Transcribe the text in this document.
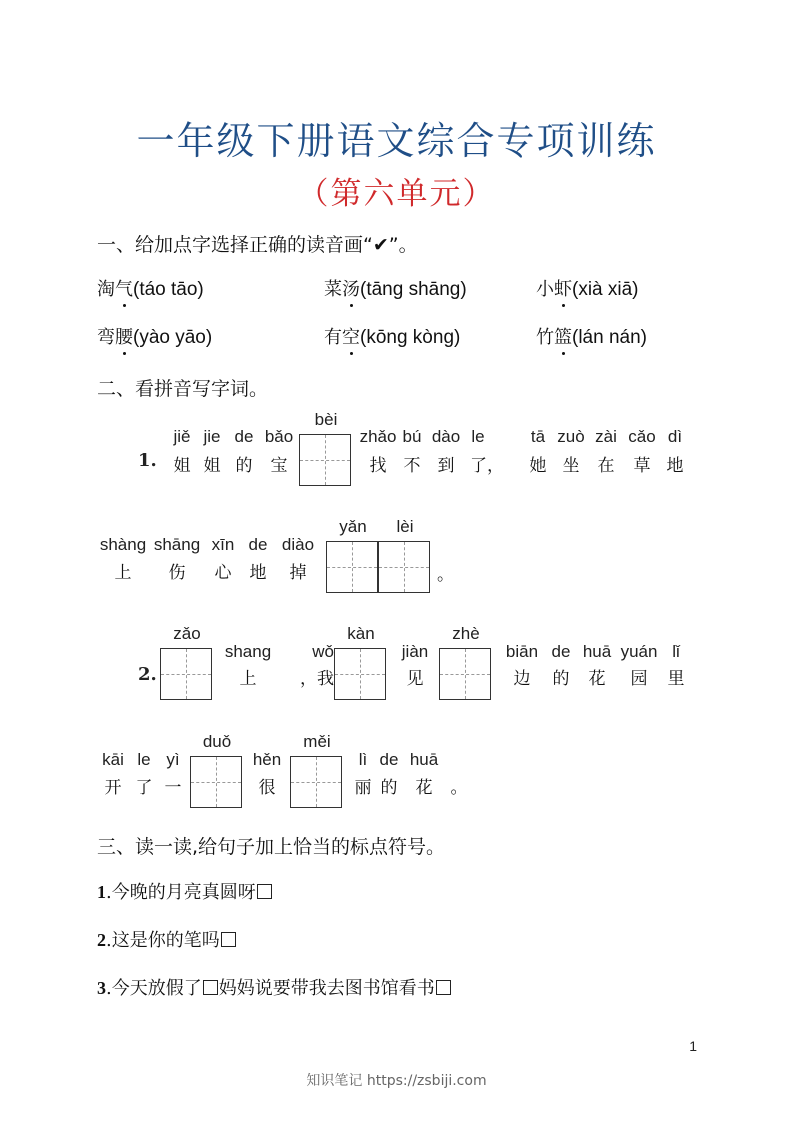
一年级下册语文综合专项训练
（第六单元）
一、给加点字选择正确的读音画“✔”。
淘气(táo tāo)	菜汤(tāng shāng)	小虾(xià xiā)
弯腰(yào yāo)	有空(kōng kòng)	竹篮(lán nán)
二、看拼音写字词。
1.
jiě jie de bǎo
姐 姐 的 宝
bèi
zhǎo bú dào le
找 不 到 了，
tā zuò zài cǎo dì
她 坐 在 草 地
shàng shāng xīn de diào
上 伤 心 地 掉
yǎn	lèi
。
2.
zǎo
shang wǒ
上	，我
kàn
jiàn
见
zhè
biān de huā yuán lǐ
边 的 花 园 里
kāi le yì
开 了 一
duǒ
hěn
很
měi
lì de huā
丽 的 花 。
三、读一读,给句子加上恰当的标点符号。
1.今晚的月亮真圆呀
2.这是你的笔吗
3.今天放假了 妈妈说要带我去图书馆看书
1
知识笔记 https://zsbiji.com
